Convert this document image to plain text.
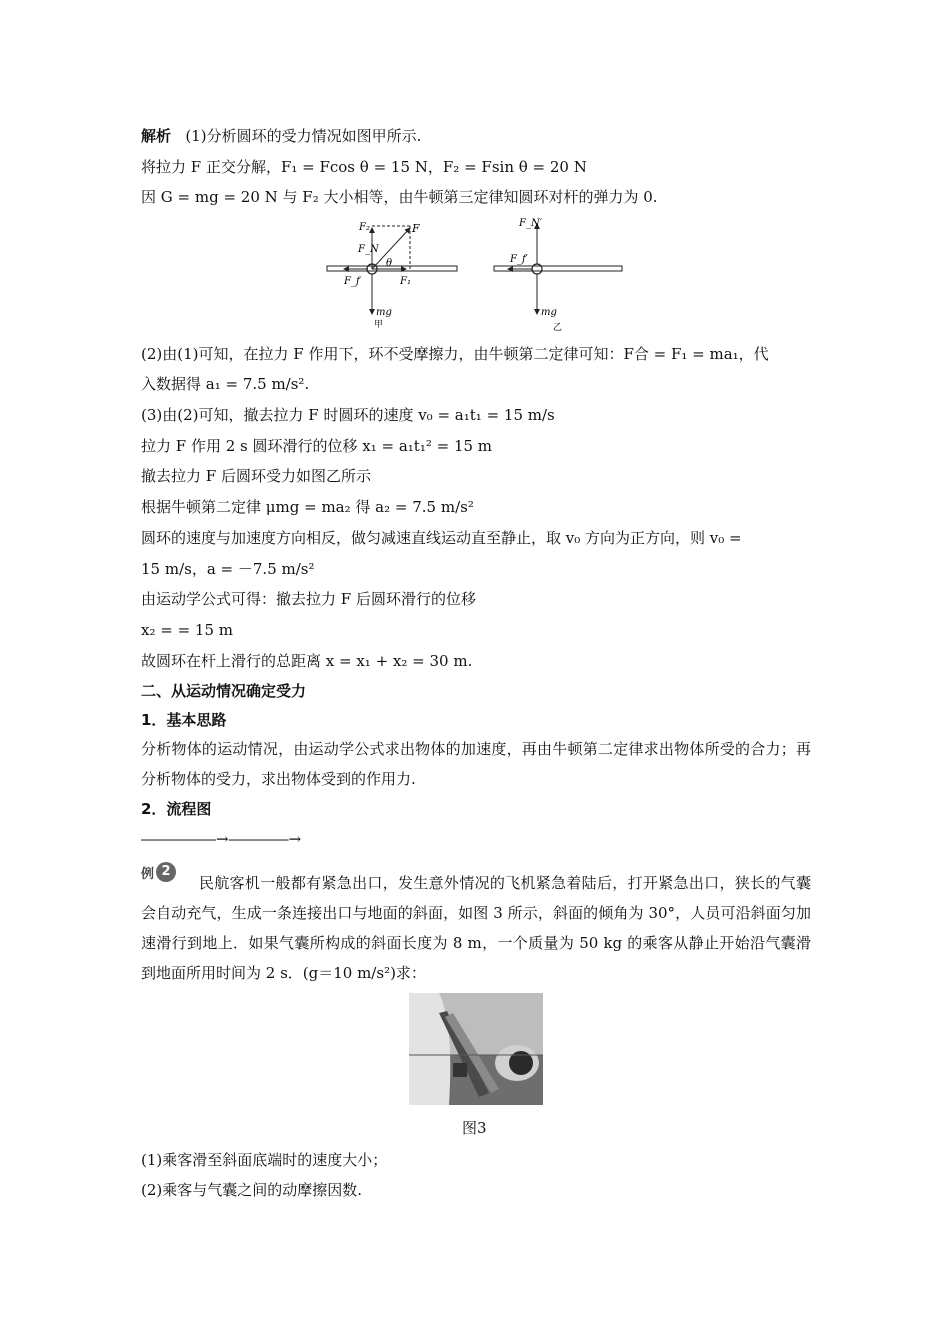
解析 (1)分析圆环的受力情况如图甲所示.
将拉力 F 正交分解，F₁ = Fcos θ = 15 N，F₂ = Fsin θ = 20 N
因 G = mg = 20 N 与 F₂ 大小相等，由牛顿第三定律知圆环对杆的弹力为 0.
F₂
F_N
F
θ
F_f	F₁
mg
甲
F_N′
F_f′
mg
乙
(2)由(1)可知，在拉力 F 作用下，环不受摩擦力，由牛顿第二定律可知：F合 = F₁ = ma₁，代
入数据得 a₁ = 7.5 m/s².
(3)由(2)可知，撤去拉力 F 时圆环的速度 v₀ = a₁t₁ = 15 m/s
拉力 F 作用 2 s 圆环滑行的位移 x₁ = a₁t₁² = 15 m
撤去拉力 F 后圆环受力如图乙所示
根据牛顿第二定律 μmg = ma₂ 得 a₂ = 7.5 m/s²
圆环的速度与加速度方向相反，做匀减速直线运动直至静止，取 v₀ 方向为正方向，则 v₀ =
15 m/s，a = －7.5 m/s²
由运动学公式可得：撤去拉力 F 后圆环滑行的位移
x₂ = = 15 m
故圆环在杆上滑行的总距离 x = x₁ + x₂ = 30 m.
二、从运动情况确定受力
1．基本思路
分析物体的运动情况，由运动学公式求出物体的加速度，再由牛顿第二定律求出物体所受的合力；再分析物体的受力，求出物体受到的作用力.
2．流程图
―――――→――――→
例 2
民航客机一般都有紧急出口，发生意外情况的飞机紧急着陆后，打开紧急出口，狭长的气囊会自动充气，生成一条连接出口与地面的斜面，如图 3 所示，斜面的倾角为 30°，人员可沿斜面匀加速滑行到地上．如果气囊所构成的斜面长度为 8 m，一个质量为 50 kg 的乘客从静止开始沿气囊滑到地面所用时间为 2 s．(g＝10 m/s²)求：
图3
(1)乘客滑至斜面底端时的速度大小；
(2)乘客与气囊之间的动摩擦因数.
